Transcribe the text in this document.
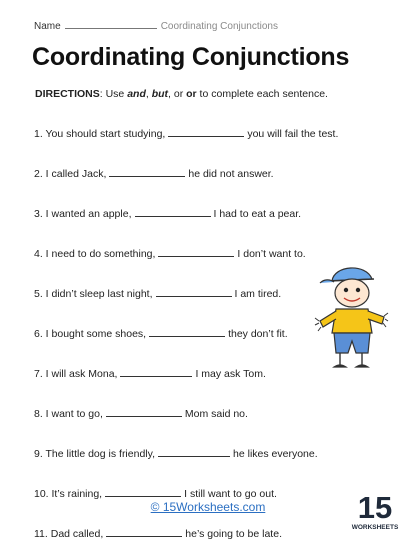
Name	Coordinating Conjunctions
Coordinating Conjunctions
DIRECTIONS: Use and, but, or or to complete each sentence.
1. You should start studying,	you will fail the test.
2. I called Jack,	he did not answer.
3. I wanted an apple,	I had to eat a pear.
4. I need to do something,	I don’t want to.
5. I didn’t sleep last night,	I am tired.
6. I bought some shoes,	they don’t fit.
7. I will ask Mona,	I may ask Tom.
8. I want to go,	Mom said no.
9. The little dog is friendly,	he likes everyone.
10. It’s raining,	I still want to go out.
11. Dad called,	he’s going to be late.
© 15Worksheets.com	15
WORKSHEETS
